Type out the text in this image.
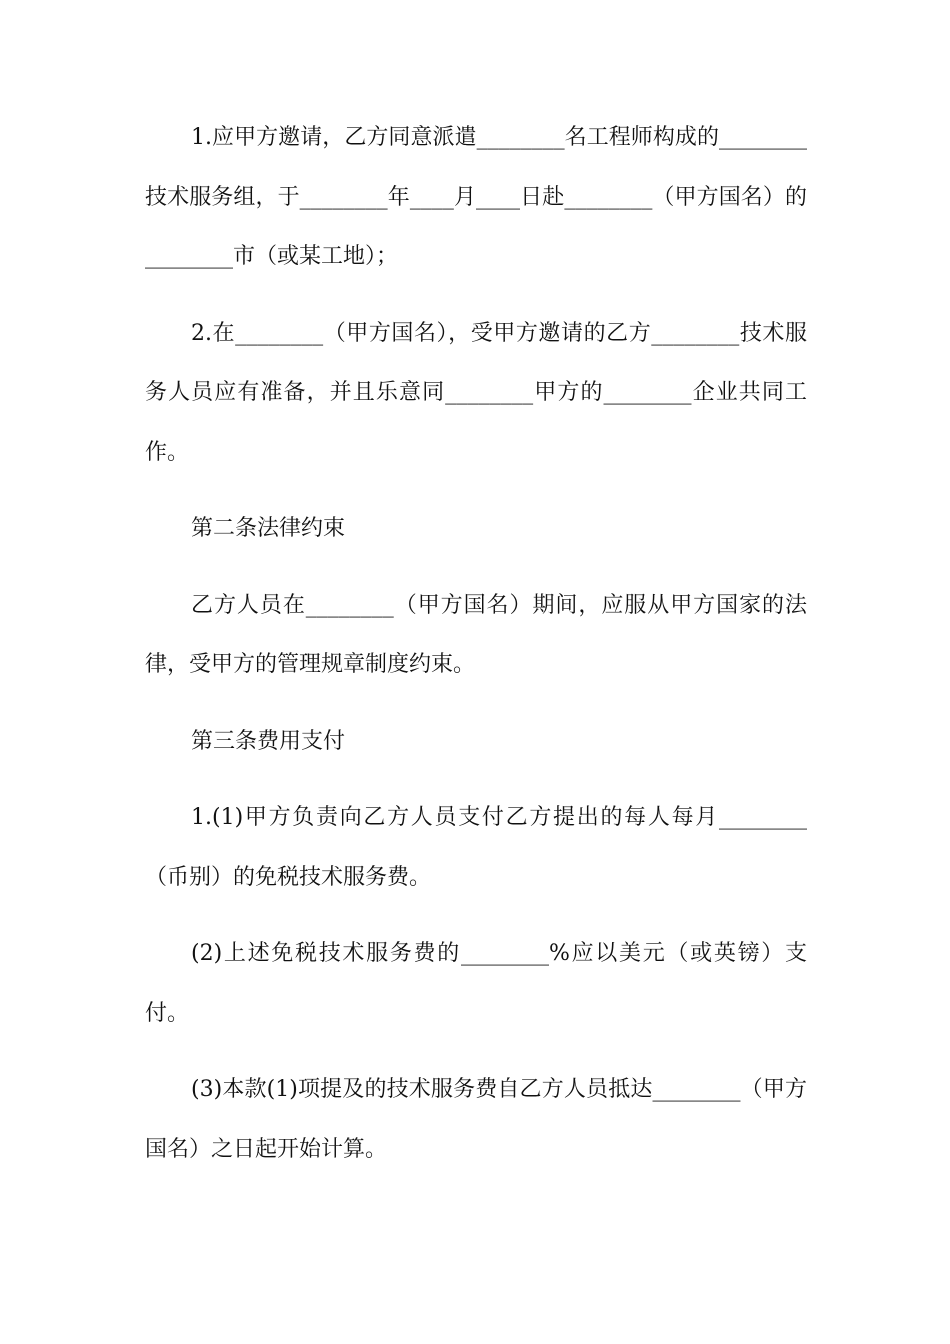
1.应甲方邀请，乙方同意派遣________名工程师构成的________技术服务组，于________年____月____日赴________（甲方国名）的________市（或某工地）；

2.在________（甲方国名），受甲方邀请的乙方________技术服务人员应有准备，并且乐意同________甲方的________企业共同工作。

第二条法律约束

乙方人员在________（甲方国名）期间，应服从甲方国家的法律，受甲方的管理规章制度约束。

第三条费用支付

1.(1)甲方负责向乙方人员支付乙方提出的每人每月________（币别）的免税技术服务费。

(2)上述免税技术服务费的________%应以美元（或英镑）支付。

(3)本款(1)项提及的技术服务费自乙方人员抵达________（甲方国名）之日起开始计算。
